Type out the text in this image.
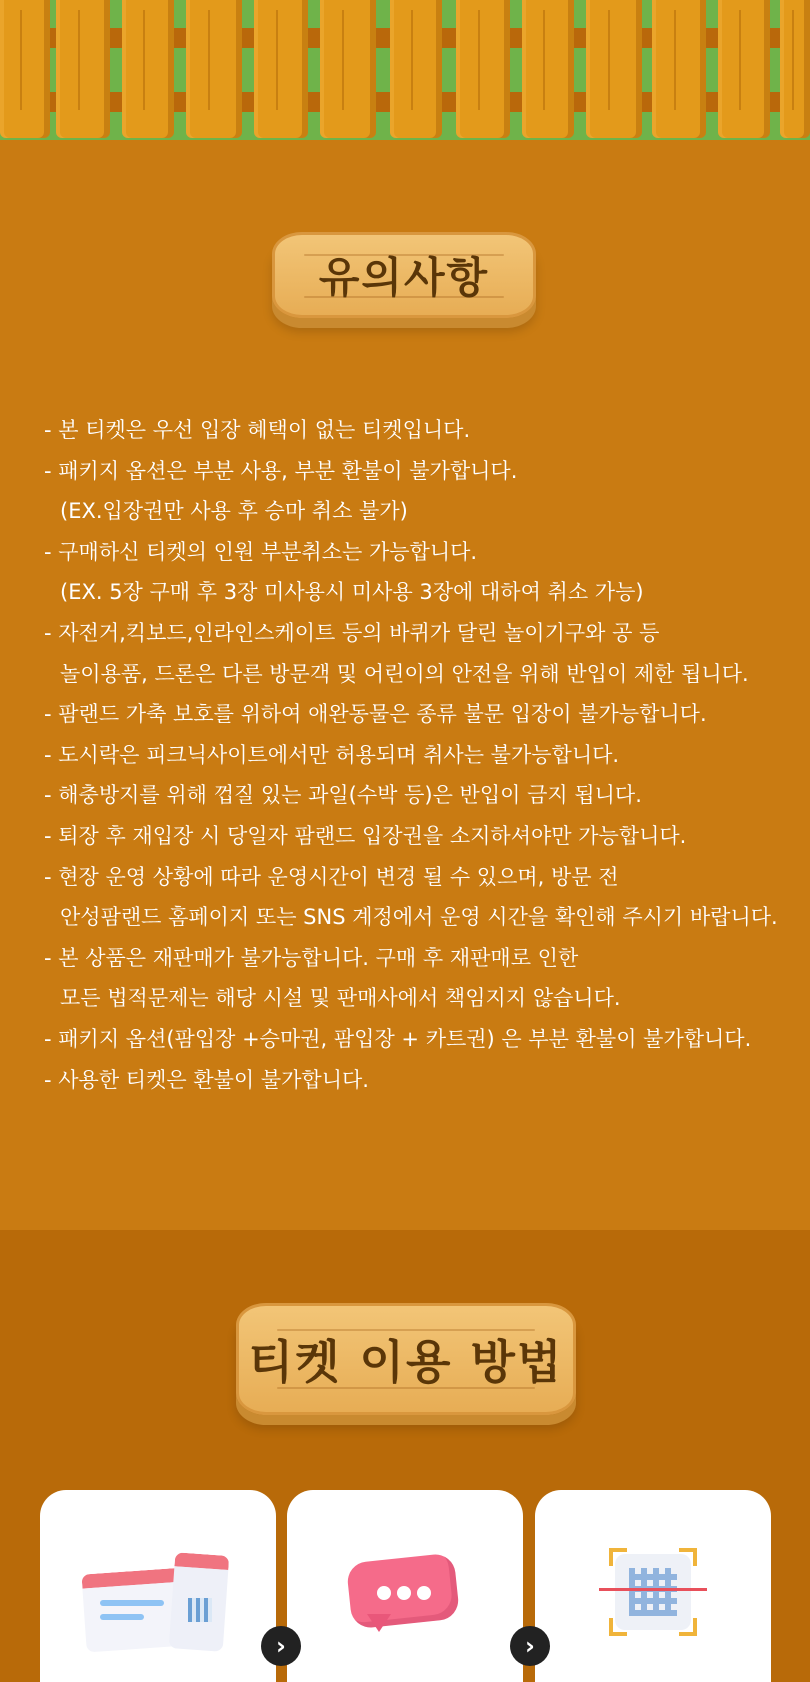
유의사항
- 본 티켓은 우선 입장 혜택이 없는 티켓입니다.
- 패키지 옵션은 부분 사용, 부분 환불이 불가합니다.
(EX.입장권만 사용 후 승마 취소 불가)
- 구매하신 티켓의 인원 부분취소는 가능합니다.
(EX. 5장 구매 후 3장 미사용시 미사용 3장에 대하여 취소 가능)
- 자전거,킥보드,인라인스케이트 등의 바퀴가 달린 놀이기구와 공 등
놀이용품, 드론은 다른 방문객 및 어린이의 안전을 위해 반입이 제한 됩니다.
- 팜랜드 가축 보호를 위하여 애완동물은 종류 불문 입장이 불가능합니다.
- 도시락은 피크닉사이트에서만 허용되며 취사는 불가능합니다.
- 해충방지를 위해 껍질 있는 과일(수박 등)은 반입이 금지 됩니다.
- 퇴장 후 재입장 시 당일자 팜랜드 입장권을 소지하셔야만 가능합니다.
- 현장 운영 상황에 따라 운영시간이 변경 될 수 있으며, 방문 전
안성팜랜드 홈페이지 또는 SNS 계정에서 운영 시간을 확인해 주시기 바랍니다.
- 본 상품은 재판매가 불가능합니다. 구매 후 재판매로 인한
모든 법적문제는 해당 시설 및 판매사에서 책임지지 않습니다.
- 패키지 옵션(팜입장 +승마권, 팜입장 + 카트권) 은 부분 환불이 불가합니다.
- 사용한 티켓은 환불이 불가합니다.
티켓 이용 방법
›	›
